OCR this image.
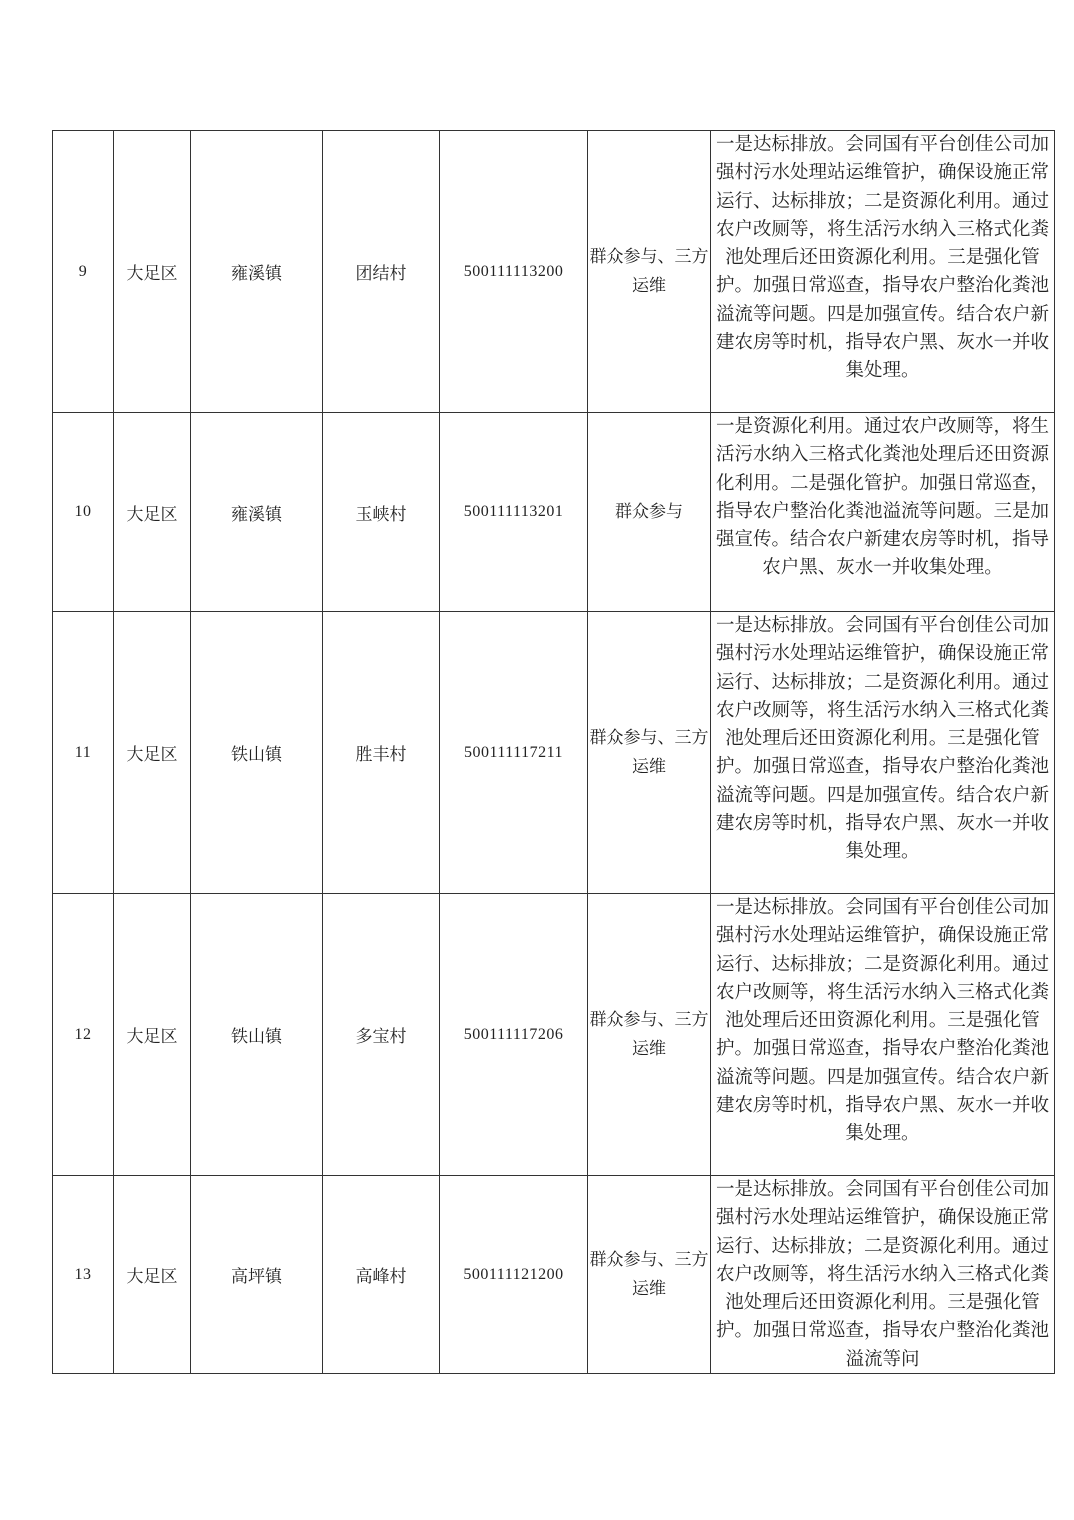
9	大足区	雍溪镇	团结村	500111113200	群众参与、三方运维	一是达标排放。会同国有平台创佳公司加强村污水处理站运维管护，确保设施正常运行、达标排放；二是资源化利用。通过农户改厕等，将生活污水纳入三格式化粪池处理后还田资源化利用。三是强化管护。加强日常巡查，指导农户整治化粪池溢流等问题。四是加强宣传。结合农户新建农房等时机，指导农户黑、灰水一并收集处理。

10	大足区	雍溪镇	玉峡村	500111113201	群众参与	一是资源化利用。通过农户改厕等，将生活污水纳入三格式化粪池处理后还田资源化利用。二是强化管护。加强日常巡查，指导农户整治化粪池溢流等问题。三是加强宣传。结合农户新建农房等时机，指导农户黑、灰水一并收集处理。

11	大足区	铁山镇	胜丰村	500111117211	群众参与、三方运维	一是达标排放。会同国有平台创佳公司加强村污水处理站运维管护，确保设施正常运行、达标排放；二是资源化利用。通过农户改厕等，将生活污水纳入三格式化粪池处理后还田资源化利用。三是强化管护。加强日常巡查，指导农户整治化粪池溢流等问题。四是加强宣传。结合农户新建农房等时机，指导农户黑、灰水一并收集处理。

12	大足区	铁山镇	多宝村	500111117206	群众参与、三方运维	一是达标排放。会同国有平台创佳公司加强村污水处理站运维管护，确保设施正常运行、达标排放；二是资源化利用。通过农户改厕等，将生活污水纳入三格式化粪池处理后还田资源化利用。三是强化管护。加强日常巡查，指导农户整治化粪池溢流等问题。四是加强宣传。结合农户新建农房等时机，指导农户黑、灰水一并收集处理。

13	大足区	高坪镇	高峰村	500111121200	群众参与、三方运维	一是达标排放。会同国有平台创佳公司加强村污水处理站运维管护，确保设施正常运行、达标排放；二是资源化利用。通过农户改厕等，将生活污水纳入三格式化粪池处理后还田资源化利用。三是强化管护。加强日常巡查，指导农户整治化粪池溢流等问
